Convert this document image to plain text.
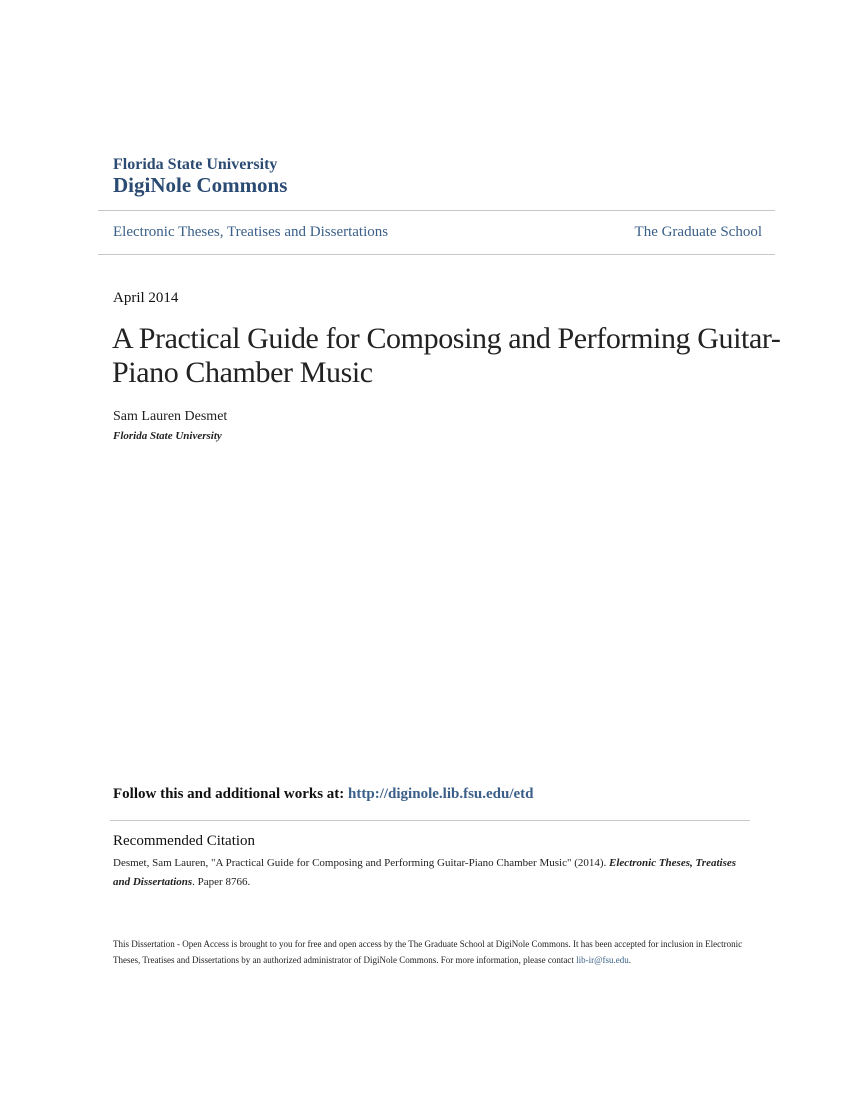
Florida State University
DigiNole Commons
Electronic Theses, Treatises and Dissertations	The Graduate School
April 2014
A Practical Guide for Composing and Performing Guitar-Piano Chamber Music
Sam Lauren Desmet
Florida State University
Follow this and additional works at: http://diginole.lib.fsu.edu/etd
Recommended Citation
Desmet, Sam Lauren, "A Practical Guide for Composing and Performing Guitar-Piano Chamber Music" (2014). Electronic Theses, Treatises and Dissertations. Paper 8766.
This Dissertation - Open Access is brought to you for free and open access by the The Graduate School at DigiNole Commons. It has been accepted for inclusion in Electronic Theses, Treatises and Dissertations by an authorized administrator of DigiNole Commons. For more information, please contact lib-ir@fsu.edu.
